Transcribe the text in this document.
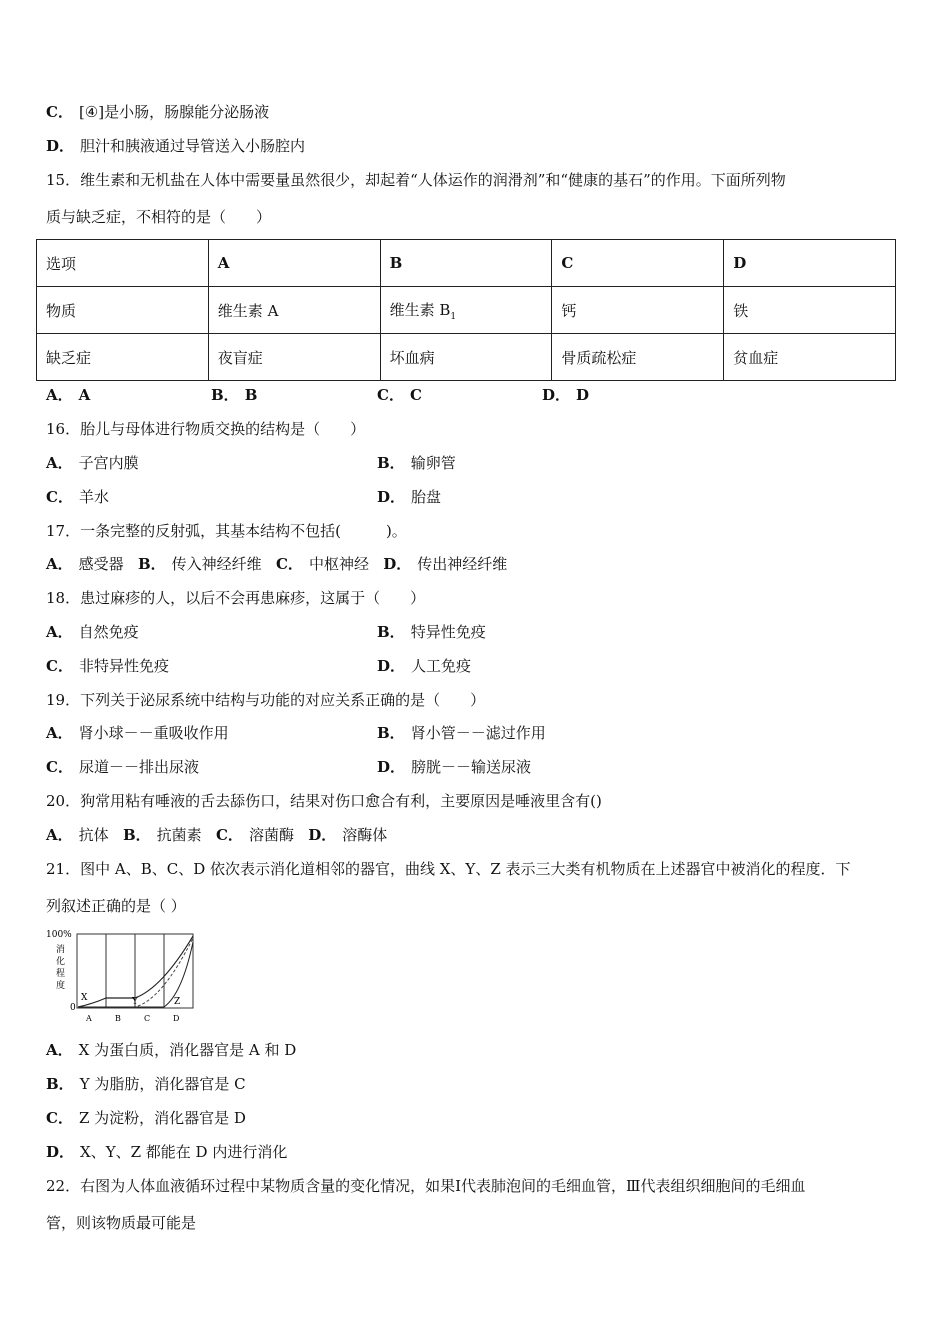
C． [④]是小肠，肠腺能分泌肠液
D． 胆汁和胰液通过导管送入小肠腔内
15．维生素和无机盐在人体中需要量虽然很少，却起着“人体运作的润滑剂”和“健康的基石”的作用。下面所列物
质与缺乏症，不相符的是（　　）
选项	A	B	C	D
物质	维生素 A	维生素 $B_1$	钙	铁
缺乏症	夜盲症	坏血病	骨质疏松症	贫血症
A． A	B． B	C． C	D． D
16．胎儿与母体进行物质交换的结构是（　　）
A． 子宫内膜	B． 输卵管
C． 羊水	D． 胎盘
17．一条完整的反射弧，其基本结构不包括(　　　)。
A． 感受器 B． 传入神经纤维 C． 中枢神经 D． 传出神经纤维
18．患过麻疹的人，以后不会再患麻疹，这属于（　　）
A． 自然免疫	B． 特异性免疫
C． 非特异性免疫	D． 人工免疫
19．下列关于泌尿系统中结构与功能的对应关系正确的是（　　）
A． 肾小球－－重吸收作用	B． 肾小管－－滤过作用
C． 尿道－－排出尿液	D． 膀胱－－输送尿液
20．狗常用粘有唾液的舌去舔伤口，结果对伤口愈合有利，主要原因是唾液里含有()
A． 抗体 B． 抗菌素 C． 溶菌酶 D． 溶酶体
21．图中 A、B、C、D 依次表示消化道相邻的器官，曲线 X、Y、Z 表示三大类有机物质在上述器官中被消化的程度．下
列叙述正确的是（ ）
100%
0
消
化
程
度
X	Y	Z
A	B	C	D
A． X 为蛋白质，消化器官是 A 和 D
B． Y 为脂肪，消化器官是 C
C． Z 为淀粉，消化器官是 D
D． X、Y、Z 都能在 D 内进行消化
22．右图为人体血液循环过程中某物质含量的变化情况，如果Ⅰ代表肺泡间的毛细血管，Ⅲ代表组织细胞间的毛细血
管，则该物质最可能是
